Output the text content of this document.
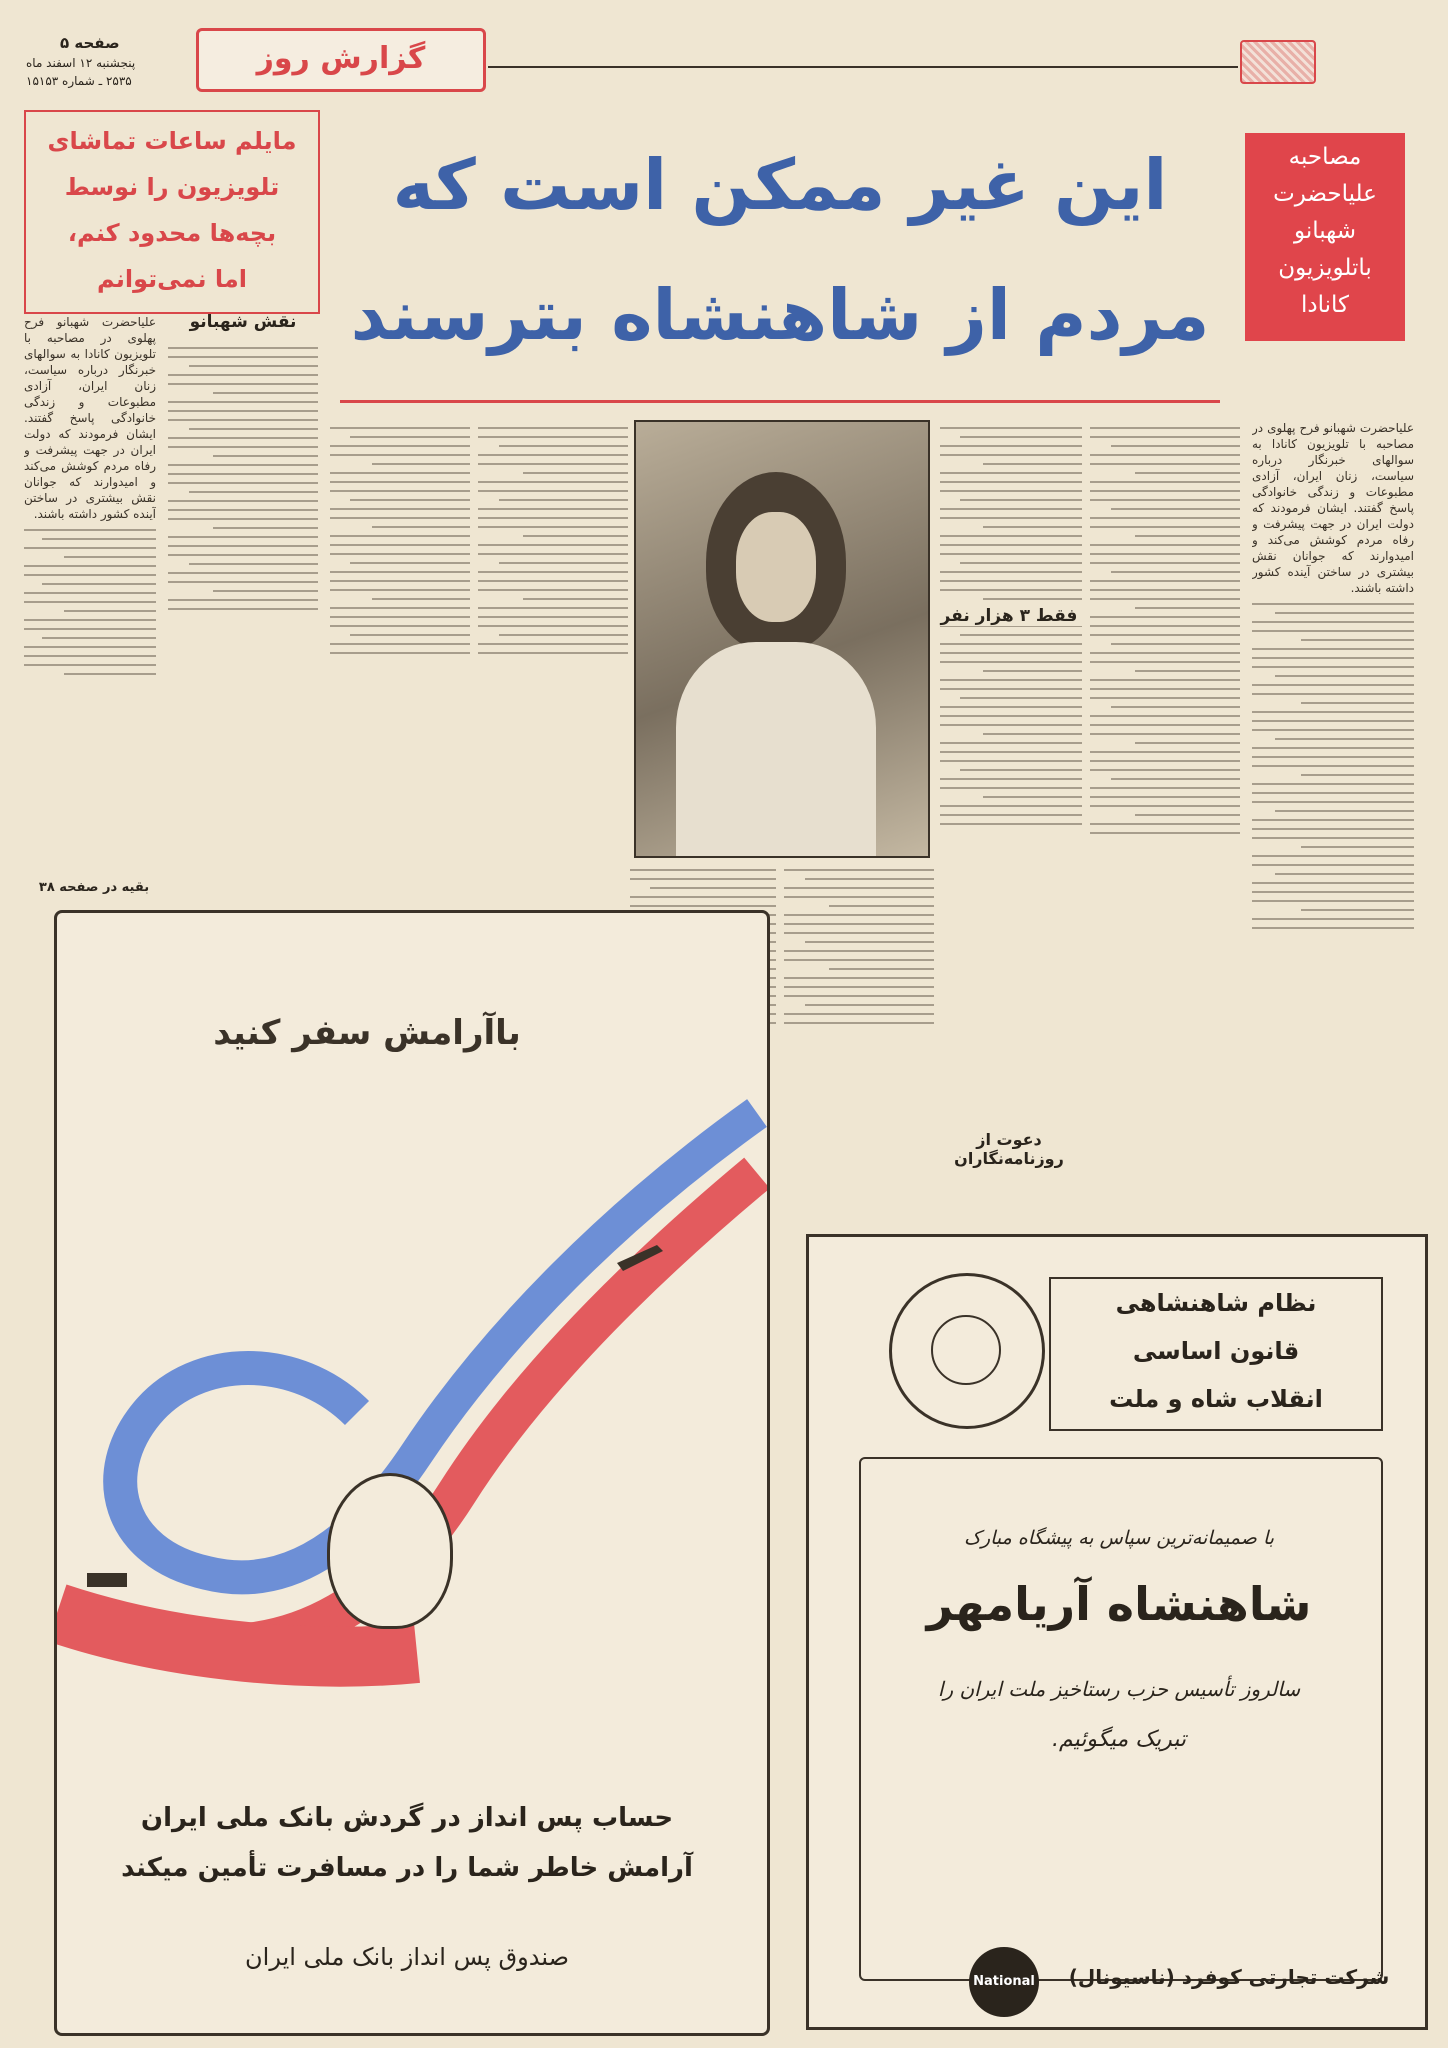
صفحه ۵
پنجشنبه ۱۲ اسفند ماه
۲۵۳۵ ـ شماره ۱۵۱۵۳
گزارش روز
مصاحبه
علیاحضرت
شهبانو
باتلویزیون
کانادا
مایلم ساعات تماشای
تلویزیون را نوسط
بچه‌ها محدود کنم،
اما نمی‌توانم
این غیر ممکن است که
مردم از شاهنشاه بترسند
علیاحضرت شهبانو فرح پهلوی در مصاحبه با تلویزیون کانادا به سوالهای خبرنگار درباره سیاست، زنان ایران، آزادی مطبوعات و زندگی خانوادگی پاسخ گفتند. ایشان فرمودند که دولت ایران در جهت پیشرفت و رفاه مردم کوشش می‌کند و امیدوارند که جوانان نقش بیشتری در ساختن آینده کشور داشته باشند.
بقیه در صفحه ۳۸
نقش شهبانو
علیاحضرت شهبانو فرح پهلوی در مصاحبه با تلویزیون کانادا به سوالهای خبرنگار درباره سیاست، زنان ایران، آزادی مطبوعات و زندگی خانوادگی پاسخ گفتند. ایشان فرمودند که دولت ایران در جهت پیشرفت و رفاه مردم کوشش می‌کند و امیدوارند که جوانان نقش بیشتری در ساختن آینده کشور داشته باشند.
فقط ۳ هزار نفر
دعوت از روزنامه‌نگاران
باآرامش سفر کنید
حساب پس انداز در گردش بانک ملی ایران
آرامش خاطر شما را در مسافرت تأمین میکند
صندوق پس انداز بانک ملی ایران
نظام شاهنشاهی
قانون اساسی
انقلاب شاه و ملت
با صمیمانه‌ترین سپاس به پیشگاه مبارک
شاهنشاه آریامهر
سالروز تأسیس حزب رستاخیز ملت ایران را
تبریک میگوئیم.
National	شرکت تجارتی کوفرد (ناسیونال)
